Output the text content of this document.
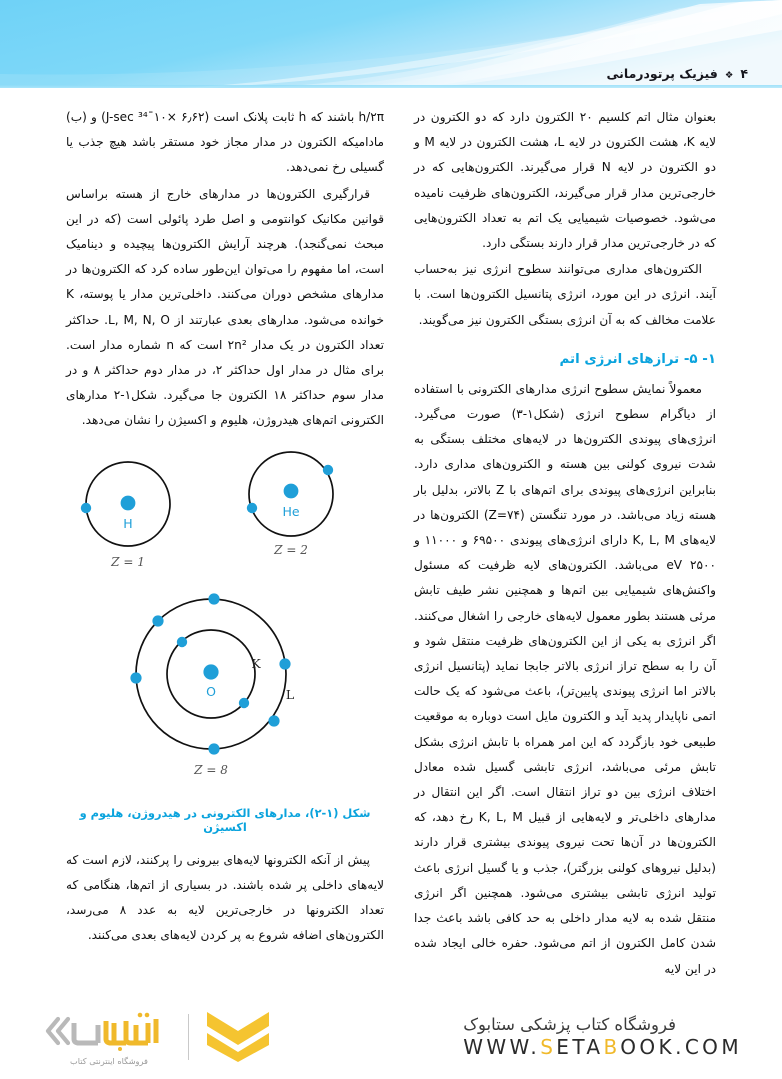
۴
❖
فیزیک پرتودرمانی

h/۲π باشند که h ثابت پلانک است (۶٫۶۲ ×۱۰ˉ³⁴ J-sec) و (ب) مادامیکه الکترون در مدار مجاز خود مستقر باشد هیچ جذب یا گسیلی رخ نمی‌دهد.

قرارگیری الکترون‌ها در مدارهای خارج از هسته براساس قوانین مکانیک کوانتومی و اصل طرد پائولی است (که در این مبحث نمی‌گنجد). هرچند آرایش الکترون‌ها پیچیده و دینامیک است، اما مفهوم را می‌توان این‌طور ساده کرد که الکترون‌ها در مدارهای مشخص دوران می‌کنند. داخلی‌ترین مدار یا پوسته، K خوانده می‌شود. مدارهای بعدی عبارتند از L, M, N, O. حداکثر تعداد الکترون در یک مدار ۲n² است که n شماره مدار است. برای مثال در مدار اول حداکثر ۲، در مدار دوم حداکثر ۸ و در مدار سوم حداکثر ۱۸ الکترون جا می‌گیرد. شکل۱-۲ مدارهای الکترونی اتم‌های هیدروژن، هلیوم و اکسیژن را نشان می‌دهد.

H
Z = 1
He
Z = 2
O
K
L
Z = 8

شکل (۱-۲)، مدارهای الکترونی در هیدروژن، هلیوم و اکسیژن

پیش از آنکه الکترونها لایه‌های بیرونی را پرکنند، لازم است که لایه‌های داخلی پر شده باشند. در بسیاری از اتم‌ها، هنگامی که تعداد الکترونها در خارجی‌ترین لایه به عدد ۸ می‌رسد، الکترون‌های اضافه شروع به پر کردن لایه‌های بعدی می‌کنند.

بعنوان مثال اتم کلسیم ۲۰ الکترون دارد که دو الکترون در لایه K، هشت الکترون در لایه L، هشت الکترون در لایه M و دو الکترون در لایه N قرار می‌گیرند. الکترون‌هایی که در خارجی‌ترین مدار قرار می‌گیرند، الکترون‌های ظرفیت نامیده می‌شود. خصوصیات شیمیایی یک اتم به تعداد الکترون‌هایی که در خارجی‌ترین مدار قرار دارند بستگی دارد.

الکترون‌های مداری می‌توانند سطوح انرژی نیز به‌حساب آیند. انرژی در این مورد، انرژی پتانسیل الکترون‌ها است. با علامت مخالف که به آن انرژی بستگی الکترون نیز می‌گویند.

۱- ۵- ترازهای انرژی اتم

معمولاً نمایش سطوح انرژی مدارهای الکترونی با استفاده از دیاگرام سطوح انرژی (شکل۱-۳) صورت می‌گیرد. انرژی‌های پیوندی الکترون‌ها در لایه‌های مختلف بستگی به شدت نیروی کولنی بین هسته و الکترون‌های مداری دارد. بنابراین انرژی‌های پیوندی برای اتم‌های با Z بالاتر، بدلیل بار هسته زیاد می‌باشد. در مورد تنگستن (Z=۷۴) الکترون‌ها در لایه‌های K, L, M دارای انرژی‌های پیوندی ۶۹۵۰۰ و ۱۱۰۰۰ و ۲۵۰۰ eV می‌باشد. الکترون‌های لایه ظرفیت که مسئول واکنش‌های شیمیایی بین اتم‌ها و همچنین نشر طیف تابش مرئی هستند بطور معمول لایه‌های خارجی را اشغال می‌کنند. اگر انرژی به یکی از این الکترون‌های ظرفیت منتقل شود و آن را به سطح تراز انرژی بالاتر جابجا نماید (پتانسیل انرژی بالاتر اما انرژی پیوندی پایین‌تر)، باعث می‌شود که یک حالت اتمی ناپایدار پدید آید و الکترون مایل است دوباره به موقعیت طبیعی خود بازگردد که این امر همراه با تابش انرژی بشکل تابش مرئی می‌باشد، انرژی تابشی گسیل شده معادل اختلاف انرژی بین دو تراز انتقال است. اگر این انتقال در مدارهای داخلی‌تر و لایه‌هایی از قبیل K, L, M رخ دهد، که الکترون‌ها در آن‌ها تحت نیروی پیوندی بیشتری قرار دارند (بدلیل نیروهای کولنی بزرگتر)، جذب و یا گسیل انرژی باعث تولید انرژی تابشی بیشتری می‌شود. همچنین اگر انرژی منتقل شده به لایه مدار داخلی به حد کافی باشد باعث جدا شدن کامل الکترون از اتم می‌شود. حفره خالی ایجاد شده در این لایه

فروشگاه اینترنتی کتاب
فروشگاه کتاب پزشکی ستابوک
WWW.SETABOOK.COM
